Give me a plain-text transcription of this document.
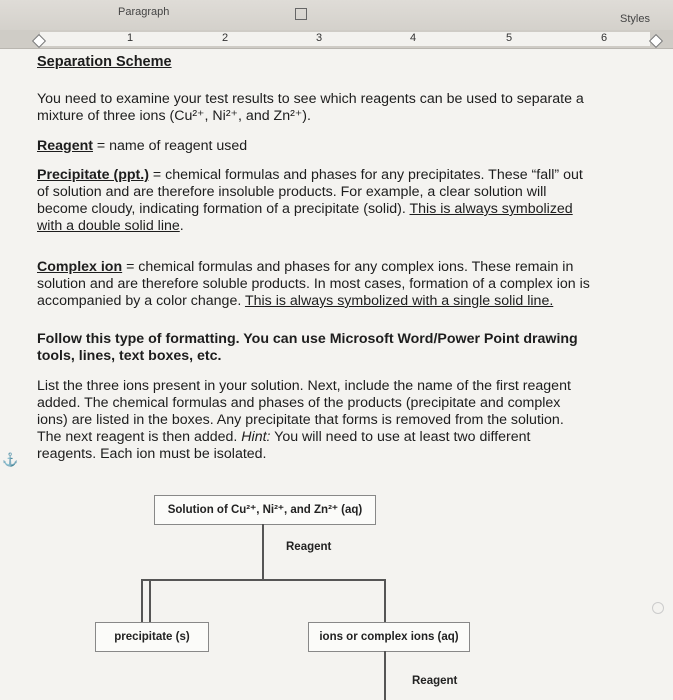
Paragraph
Styles
1	2	3	4	5	6
Separation Scheme
You need to examine your test results to see which reagents can be used to separate a
mixture of three ions (Cu²⁺, Ni²⁺, and Zn²⁺).
Reagent = name of reagent used
Precipitate (ppt.) = chemical formulas and phases for any precipitates. These “fall” out
of solution and are therefore insoluble products. For example, a clear solution will
become cloudy, indicating formation of a precipitate (solid). This is always symbolized
with a double solid line.
Complex ion = chemical formulas and phases for any complex ions. These remain in
solution and are therefore soluble products. In most cases, formation of a complex ion is
accompanied by a color change. This is always symbolized with a single solid line.
Follow this type of formatting. You can use Microsoft Word/Power Point drawing
tools, lines, text boxes, etc.
List the three ions present in your solution. Next, include the name of the first reagent
added. The chemical formulas and phases of the products (precipitate and complex
ions) are listed in the boxes. Any precipitate that forms is removed from the solution.
The next reagent is then added. Hint: You will need to use at least two different
reagents. Each ion must be isolated.
⚓
Solution of Cu²⁺, Ni²⁺, and Zn²⁺ (aq)
Reagent
precipitate (s)	ions or complex ions (aq)
Reagent
